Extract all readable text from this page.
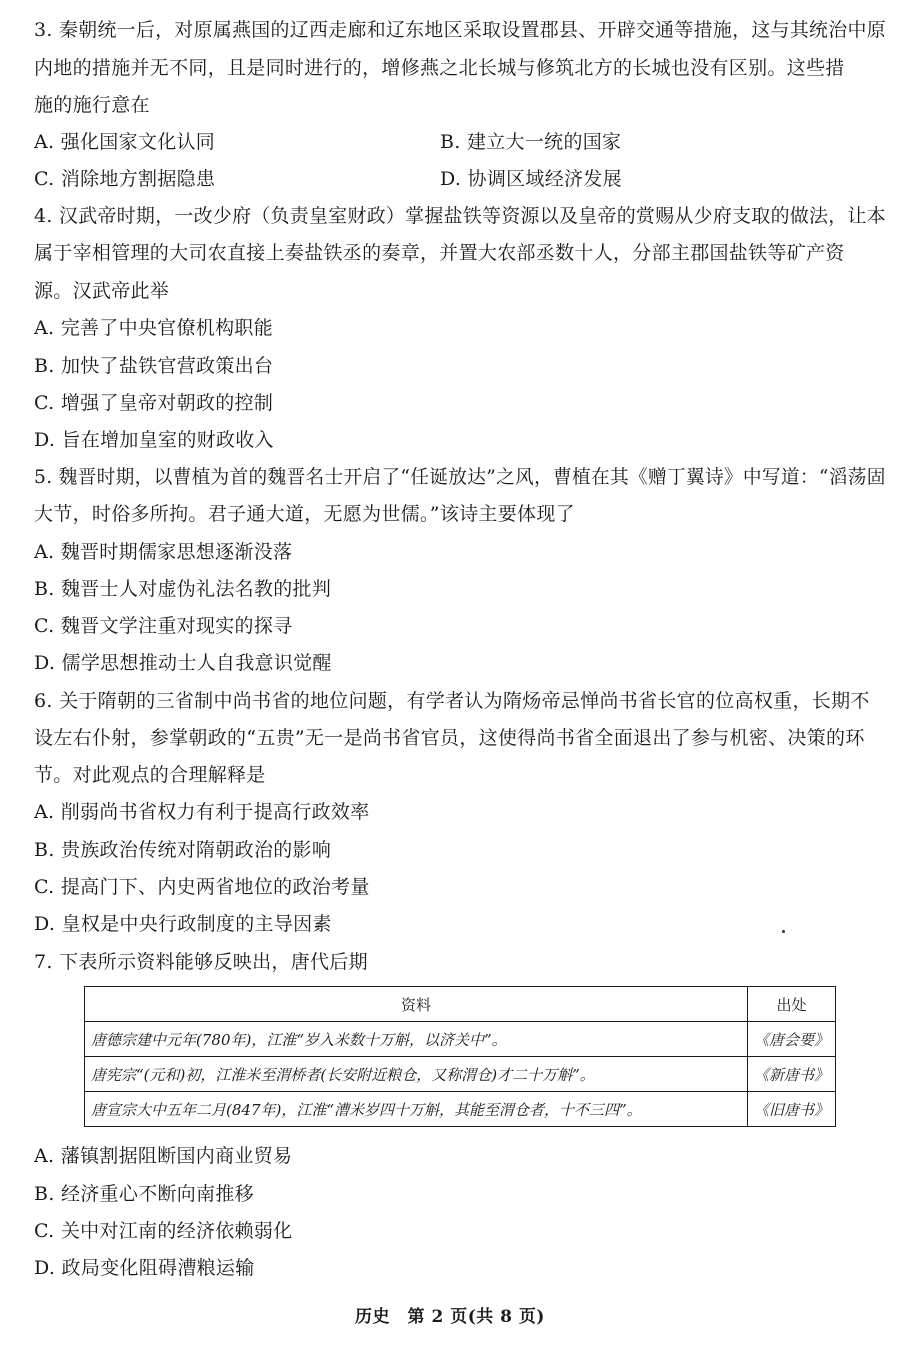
3. 秦朝统一后，对原属燕国的辽西走廊和辽东地区采取设置郡县、开辟交通等措施，这与其统治中原
内地的措施并无不同，且是同时进行的，增修燕之北长城与修筑北方的长城也没有区别。这些措
施的施行意在
A. 强化国家文化认同	B. 建立大一统的国家
C. 消除地方割据隐患	D. 协调区域经济发展
4. 汉武帝时期，一改少府（负责皇室财政）掌握盐铁等资源以及皇帝的赏赐从少府支取的做法，让本
属于宰相管理的大司农直接上奏盐铁丞的奏章，并置大农部丞数十人，分部主郡国盐铁等矿产资
源。汉武帝此举
A. 完善了中央官僚机构职能
B. 加快了盐铁官营政策出台
C. 增强了皇帝对朝政的控制
D. 旨在增加皇室的财政收入
5. 魏晋时期，以曹植为首的魏晋名士开启了“任诞放达”之风，曹植在其《赠丁翼诗》中写道：“滔荡固
大节，时俗多所拘。君子通大道，无愿为世儒。”该诗主要体现了
A. 魏晋时期儒家思想逐渐没落
B. 魏晋士人对虚伪礼法名教的批判
C. 魏晋文学注重对现实的探寻
D. 儒学思想推动士人自我意识觉醒
6. 关于隋朝的三省制中尚书省的地位问题，有学者认为隋炀帝忌惮尚书省长官的位高权重，长期不
设左右仆射，参掌朝政的“五贵”无一是尚书省官员，这使得尚书省全面退出了参与机密、决策的环
节。对此观点的合理解释是
A. 削弱尚书省权力有利于提高行政效率
B. 贵族政治传统对隋朝政治的影响
C. 提高门下、内史两省地位的政治考量
D. 皇权是中央行政制度的主导因素
7. 下表所示资料能够反映出，唐代后期
资料	出处
唐德宗建中元年(780年)，江淮“岁入米数十万斛，以济关中”。	《唐会要》
唐宪宗“(元和)初，江淮米至渭桥者(长安附近粮仓，又称渭仓)才二十万斛”。	《新唐书》
唐宣宗大中五年二月(847年)，江淮“漕米岁四十万斛，其能至渭仓者，十不三四”。	《旧唐书》
A. 藩镇割据阻断国内商业贸易
B. 经济重心不断向南推移
C. 关中对江南的经济依赖弱化
D. 政局变化阻碍漕粮运输
历史　第 2 页(共 8 页)
